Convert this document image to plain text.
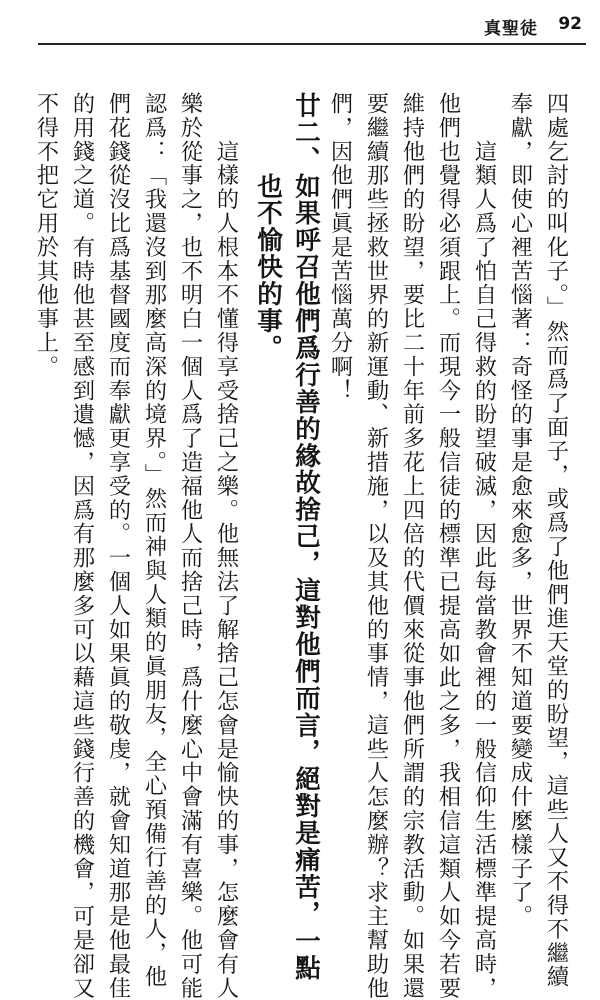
真聖徒 92
四處乞討的叫化子。」然而爲了面子，或爲了他們進天堂的盼望，這些人又不得不繼續
奉獻，即使心裡苦惱著：奇怪的事是愈來愈多，世界不知道要變成什麼樣子了。
　　這類人爲了怕自己得救的盼望破滅，因此每當教會裡的一般信仰生活標準提高時，
他們也覺得必須跟上。而現今一般信徒的標準已提高如此之多，我相信這類人如今若要
維持他們的盼望，要比二十年前多花上四倍的代價來從事他們所謂的宗教活動。如果還
要繼續那些拯救世界的新運動、新措施，以及其他的事情，這些人怎麼辦？求主幫助他
們，因他們眞是苦惱萬分啊！
廿二、如果呼召他們爲行善的緣故捨己，這對他們而言，絕對是痛苦，一點
　　　也不愉快的事。
　　這樣的人根本不懂得享受捨己之樂。他無法了解捨己怎會是愉快的事，怎麼會有人
樂於從事之，也不明白一個人爲了造福他人而捨己時，爲什麼心中會滿有喜樂。他可能
認爲：「我還沒到那麼高深的境界。」然而神與人類的眞朋友，全心預備行善的人，他
們花錢從沒比爲基督國度而奉獻更享受的。一個人如果眞的敬虔，就會知道那是他最佳
的用錢之道。有時他甚至感到遺憾，因爲有那麼多可以藉這些錢行善的機會，可是卻又
不得不把它用於其他事上。
